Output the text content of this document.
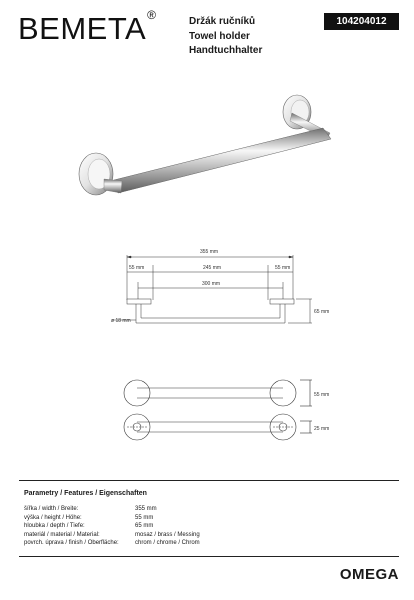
BEMETA®	Držák ručníků
Towel holder
Handtuchhalter
104204012
355 mm
55 mm	245 mm	55 mm
300 mm
ø 18 mm
65 mm
55 mm
25 mm
Parametry / Features / Eigenschaften
šířka / width / Breite:	355 mm
výška / height / Höhe:	55 mm
hloubka / depth / Tiefe:	65 mm
materiál / material / Material:	mosaz / brass / Messing
povrch. úprava / finish / Oberfläche:	chrom / chrome / Chrom
OMEGA
